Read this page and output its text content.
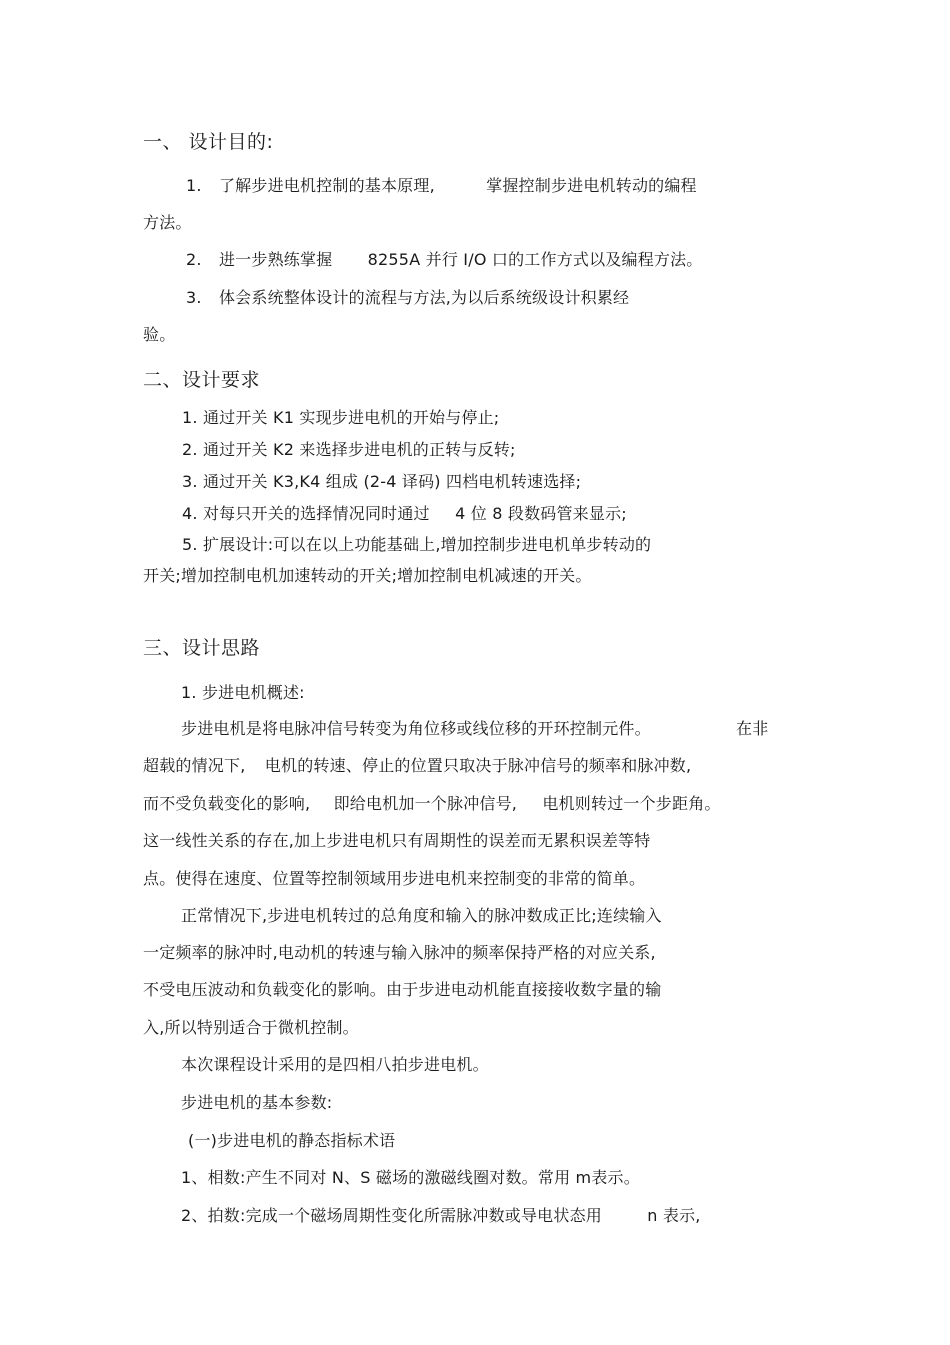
一、 设计目的:
1. 了解步进电机控制的基本原理,	掌握控制步进电机转动的编程
方法。
2. 进一步熟练掌握 8255A 并行 I/O 口的工作方式以及编程方法。
3. 体会系统整体设计的流程与方法,为以后系统级设计积累经
验。
二、设计要求
1. 通过开关 K1 实现步进电机的开始与停止;
2. 通过开关 K2 来选择步进电机的正转与反转;
3. 通过开关 K3,K4 组成 (2-4 译码) 四档电机转速选择;
4. 对每只开关的选择情况同时通过 4 位 8 段数码管来显示;
5. 扩展设计:可以在以上功能基础上,增加控制步进电机单步转动的
开关;增加控制电机加速转动的开关;增加控制电机减速的开关。
三、设计思路
1. 步进电机概述:
步进电机是将电脉冲信号转变为角位移或线位移的开环控制元件。	在非
超载的情况下, 电机的转速、停止的位置只取决于脉冲信号的频率和脉冲数,
而不受负载变化的影响, 即给电机加一个脉冲信号, 电机则转过一个步距角。
这一线性关系的存在,加上步进电机只有周期性的误差而无累积误差等特
点。使得在速度、位置等控制领域用步进电机来控制变的非常的简单。
正常情况下,步进电机转过的总角度和输入的脉冲数成正比;连续输入
一定频率的脉冲时,电动机的转速与输入脉冲的频率保持严格的对应关系,
不受电压波动和负载变化的影响。由于步进电动机能直接接收数字量的输
入,所以特别适合于微机控制。
本次课程设计采用的是四相八拍步进电机。
步进电机的基本参数:
(一)步进电机的静态指标术语
1、相数:产生不同对 N、S 磁场的激磁线圈对数。常用 m表示。
2、拍数:完成一个磁场周期性变化所需脉冲数或导电状态用	n 表示,
